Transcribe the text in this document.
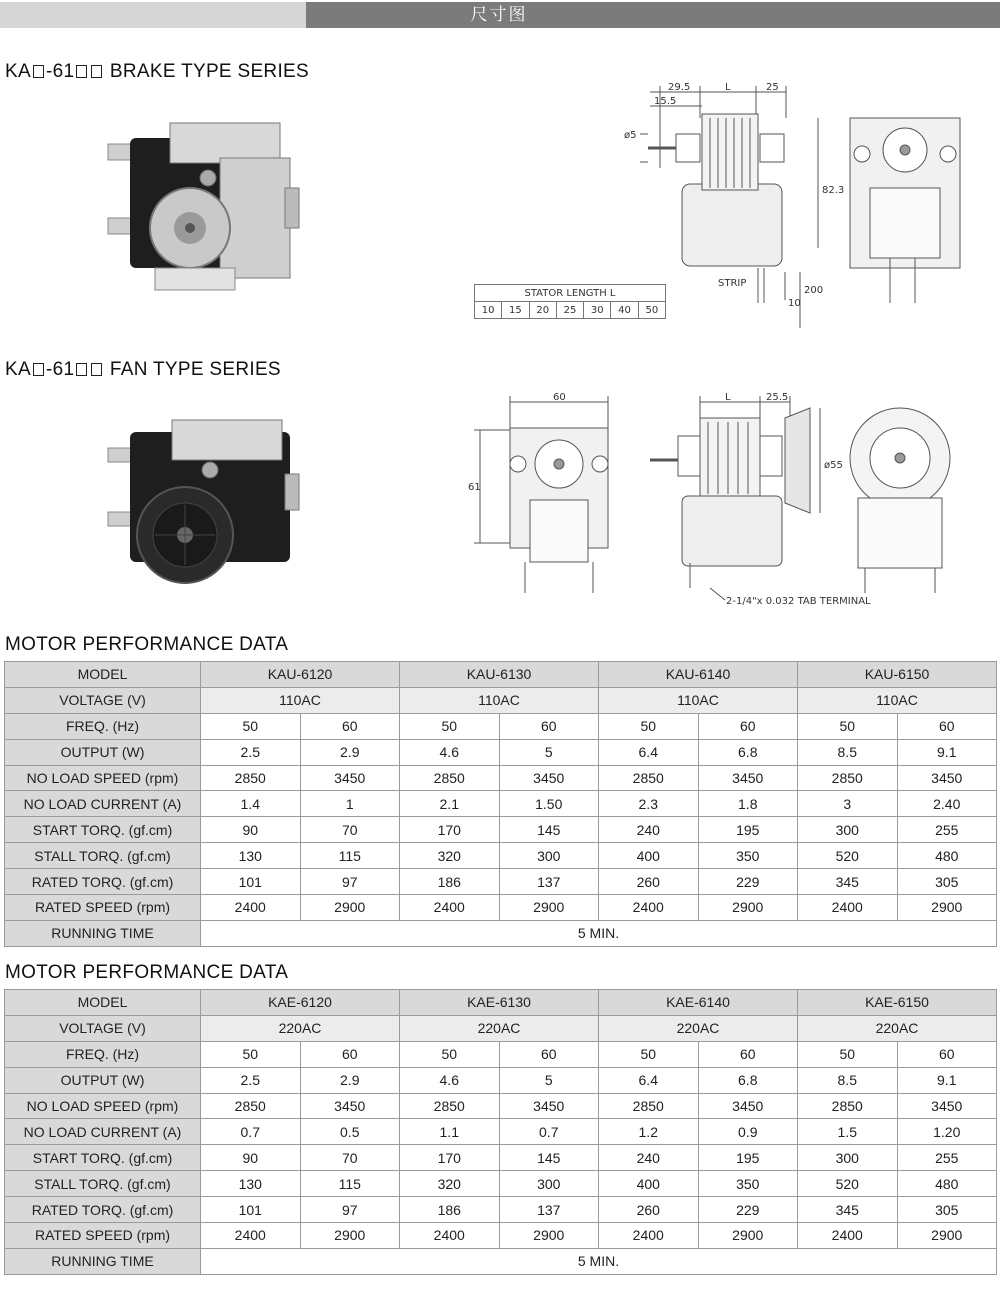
尺寸图
KA -61 BRAKE TYPE SERIES
29.5	L	25
15.5
ø5
82.3
200
10
STRIP
STATOR LENGTH L
10	15	20	25	30	40	50
KA -61 FAN TYPE SERIES
60
61
L	25.5
ø55
2-1/4"x 0.032 TAB TERMINAL
MOTOR PERFORMANCE DATA
MODEL	KAU-6120		KAU-6130		KAU-6140		KAU-6150	
VOLTAGE (V)	110AC		110AC		110AC		110AC	
FREQ. (Hz)	50	60	50	60	50	60	50	60
OUTPUT (W)	2.5	2.9	4.6	5	6.4	6.8	8.5	9.1
NO LOAD SPEED (rpm)	2850	3450	2850	3450	2850	3450	2850	3450
NO LOAD CURRENT (A)	1.4	1	2.1	1.50	2.3	1.8	3	2.40
START TORQ. (gf.cm)	90	70	170	145	240	195	300	255
STALL TORQ. (gf.cm)	130	115	320	300	400	350	520	480
RATED TORQ. (gf.cm)	101	97	186	137	260	229	345	305
RATED SPEED (rpm)	2400	2900	2400	2900	2400	2900	2400	2900
RUNNING TIME	5 MIN.							
MOTOR PERFORMANCE DATA
MODEL	KAE-6120		KAE-6130		KAE-6140		KAE-6150	
VOLTAGE (V)	220AC		220AC		220AC		220AC	
FREQ. (Hz)	50	60	50	60	50	60	50	60
OUTPUT (W)	2.5	2.9	4.6	5	6.4	6.8	8.5	9.1
NO LOAD SPEED (rpm)	2850	3450	2850	3450	2850	3450	2850	3450
NO LOAD CURRENT (A)	0.7	0.5	1.1	0.7	1.2	0.9	1.5	1.20
START TORQ. (gf.cm)	90	70	170	145	240	195	300	255
STALL TORQ. (gf.cm)	130	115	320	300	400	350	520	480
RATED TORQ. (gf.cm)	101	97	186	137	260	229	345	305
RATED SPEED (rpm)	2400	2900	2400	2900	2400	2900	2400	2900
RUNNING TIME	5 MIN.							
